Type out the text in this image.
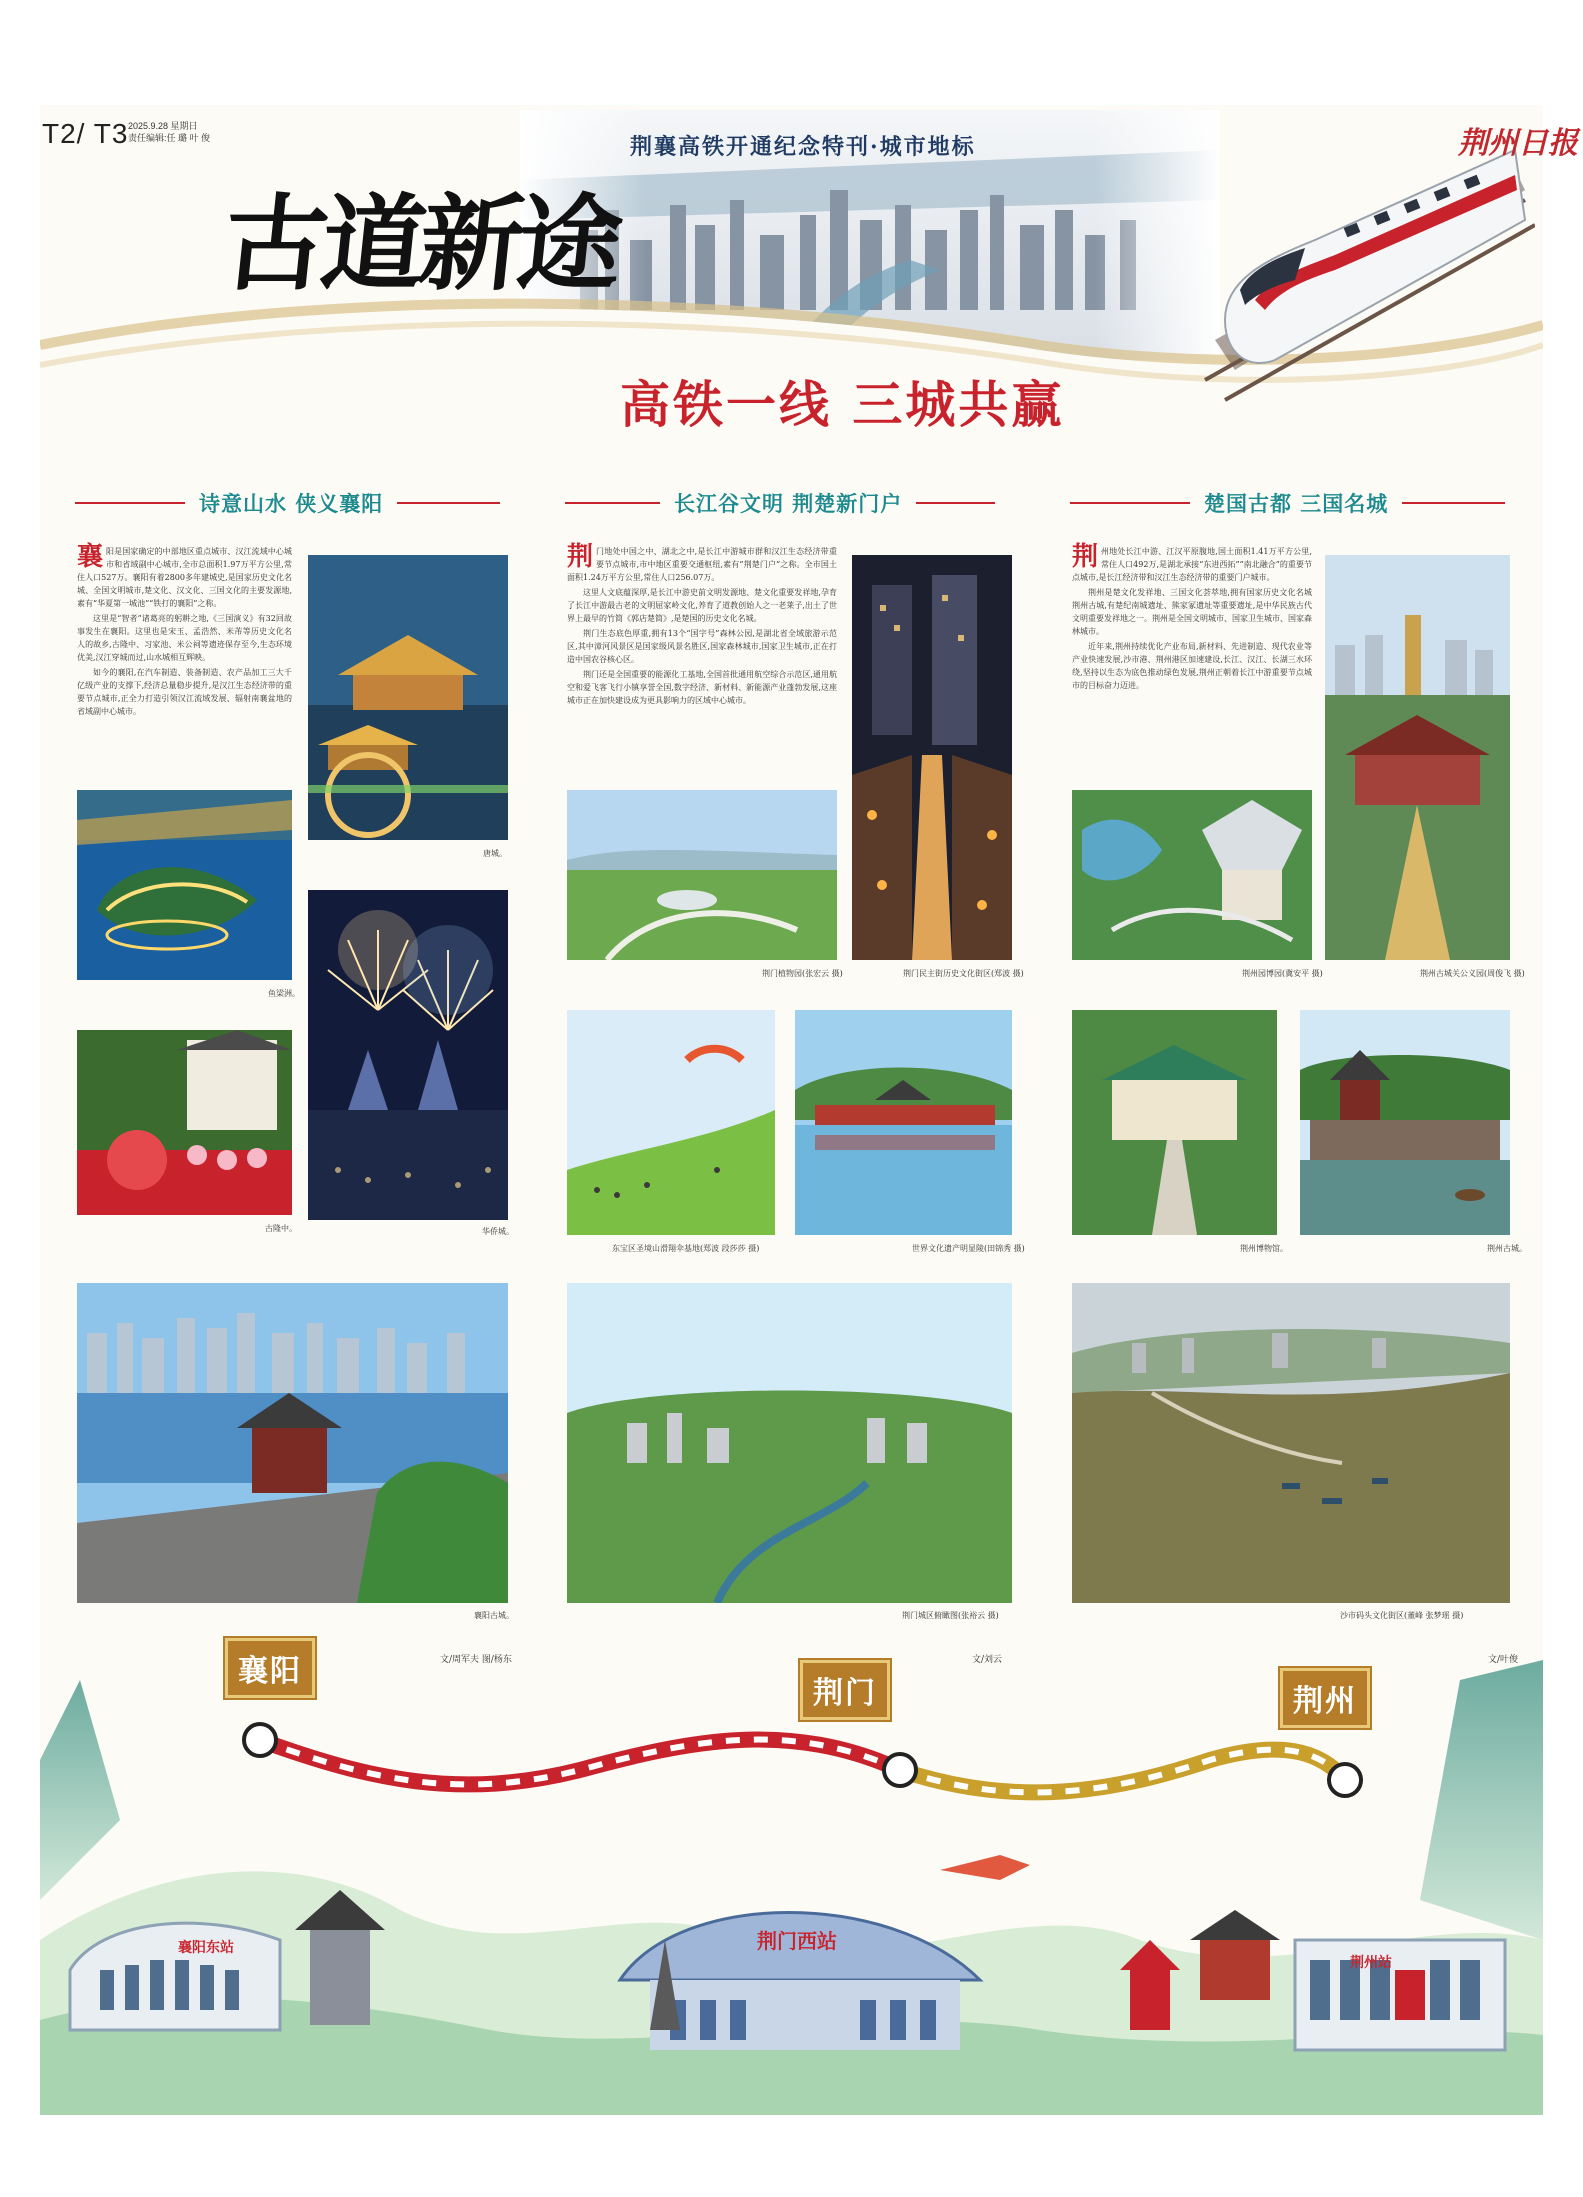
T2/ T3 2025.9.28 星期日
责任编辑:任 璐 叶 俊	荆襄高铁开通纪念特刊·城市地标	荆州日报
古道新途
高铁一线 三城共赢
诗意山水 侠义襄阳	长江谷文明 荆楚新门户	楚国古都 三国名城
襄 阳是国家确定的中部地区重点城市、汉江流域中心城市和省域副中心城市,全市总面积1.97万平方公里,常住人口527万。襄阳有着2800多年建城史,是国家历史文化名城、全国文明城市,楚文化、汉文化、三国文化的主要发源地,素有“华夏第一城池”“铁打的襄阳”之称。

这里是“智者”诸葛亮的躬耕之地,《三国演义》有32回故事发生在襄阳。这里也是宋玉、孟浩然、米芾等历史文化名人的故乡,古隆中、习家池、米公祠等遗迹保存至今,生态环境优美,汉江穿城而过,山水城相互辉映。

如今的襄阳,在汽车制造、装备制造、农产品加工三大千亿级产业的支撑下,经济总量稳步提升,是汉江生态经济带的重要节点城市,正全力打造引领汉江流域发展、辐射南襄盆地的省域副中心城市。

唐城。
鱼梁洲。
华侨城。
古隆中。
襄阳古城。
文/周军夫 图/杨东
荆 门地处中国之中、湖北之中,是长江中游城市群和汉江生态经济带重要节点城市,市中地区重要交通枢纽,素有“荆楚门户”之称。全市国土面积1.24万平方公里,常住人口256.07万。

这里人文底蕴深厚,是长江中游史前文明发源地、楚文化重要发祥地,孕育了长江中游最古老的文明屈家岭文化,养育了道教创始人之一老莱子,出土了世界上最早的竹简《郭店楚简》,是楚国的历史文化名城。

荆门生态底色厚重,拥有13个“国字号”森林公园,是湖北省全域旅游示范区,其中漳河风景区是国家级风景名胜区,国家森林城市,国家卫生城市,正在打造中国农谷核心区。

荆门还是全国重要的能源化工基地,全国首批通用航空综合示范区,通用航空和爱飞客飞行小镇享誉全国,数字经济、新材料、新能源产业蓬勃发展,这座城市正在加快建设成为更具影响力的区域中心城市。

荆门民主街历史文化街区(郑波 摄)
荆门植物园(张宏云 摄)
东宝区圣境山滑翔伞基地(郑波 段莎莎 摄)	世界文化遗产明显陵(田锦秀 摄)
荆门城区俯瞰图(张裕云 摄)
文/刘云
荆 州地处长江中游、江汉平原腹地,国土面积1.41万平方公里,常住人口492万,是湖北承接“东进西拓”“南北融合”的重要节点城市,是长江经济带和汉江生态经济带的重要门户城市。

荆州是楚文化发祥地、三国文化荟萃地,拥有国家历史文化名城荆州古城,有楚纪南城遗址、熊家冢遗址等重要遗址,是中华民族古代文明重要发祥地之一。荆州是全国文明城市、国家卫生城市、国家森林城市。

近年来,荆州持续优化产业布局,新材料、先进制造、现代农业等产业快速发展,沙市港、荆州港区加速建设,长江、汉江、长湖三水环绕,坚持以生态为底色推动绿色发展,荆州正朝着长江中游重要节点城市的目标奋力迈进。

荆州古城关公义园(周俊飞 摄)
荆州园博园(冀安平 摄)
荆州博物馆。	荆州古城。
沙市码头文化街区(董峰 张梦瑶 摄)
文/叶俊
襄阳东站	荆门西站
荆州站
襄阳
荆门	荆州
